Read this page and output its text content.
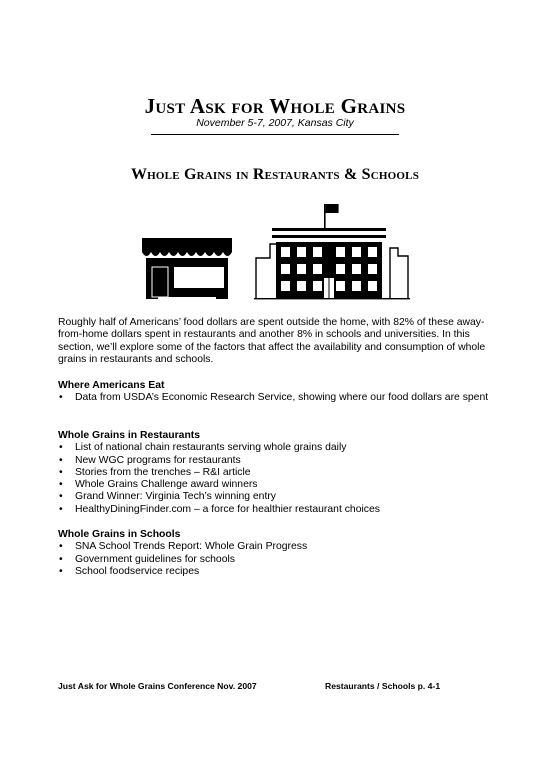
Just Ask for Whole Grains
November 5-7, 2007, Kansas City
Whole Grains in Restaurants & Schools

Roughly half of Americans’ food dollars are spent outside the home, with 82% of these away-from-home dollars spent in restaurants and another 8% in schools and universities. In this section, we’ll explore some of the factors that affect the availability and consumption of whole grains in restaurants and schools.

Where Americans Eat
• Data from USDA’s Economic Research Service, showing where our food dollars are spent
Whole Grains in Restaurants
• List of national chain restaurants serving whole grains daily
• New WGC programs for restaurants
• Stories from the trenches – R&I article
• Whole Grains Challenge award winners
• Grand Winner: Virginia Tech’s winning entry
• HealthyDiningFinder.com – a force for healthier restaurant choices
Whole Grains in Schools
• SNA School Trends Report: Whole Grain Progress
• Government guidelines for schools
• School foodservice recipes
Just Ask for Whole Grains Conference Nov. 2007	Restaurants / Schools p. 4-1
